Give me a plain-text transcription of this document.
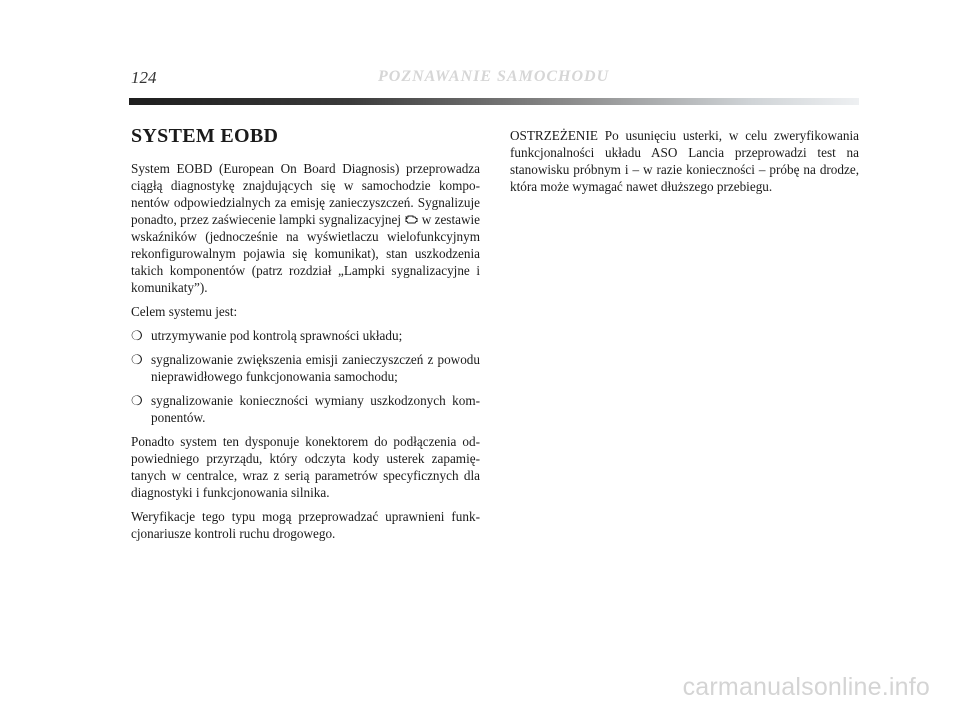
124	POZNAWANIE SAMOCHODU
SYSTEM EOBD

System EOBD (European On Board Diagnosis) przeprowadza ciągłą diagnostykę znajdujących się w samochodzie komponentów odpowiedzialnych za emisję zanieczyszczeń. Sygnalizuje ponadto, przez zaświecenie lampki sygnalizacyjnej w zestawie wskaźników (jednocześnie na wyświetlaczu wielofunkcyjnym rekonfigurowalnym pojawia się komunikat), stan uszkodzenia takich komponentów (patrz rozdział „Lampki sygnalizacyjne i komunikaty”).

Celem systemu jest:

❍ utrzymywanie pod kontrolą sprawności układu;
❍ sygnalizowanie zwiększenia emisji zanieczyszczeń z powodu nieprawidłowego funkcjonowania samochodu;
❍ sygnalizowanie konieczności wymiany uszkodzonych komponentów.

Ponadto system ten dysponuje konektorem do podłączenia odpowiedniego przyrządu, który odczyta kody usterek zapamiętanych w centralce, wraz z serią parametrów specyficznych dla diagnostyki i funkcjonowania silnika.

Weryfikacje tego typu mogą przeprowadzać uprawnieni funkcjonariusze kontroli ruchu drogowego.

OSTRZEŻENIE Po usunięciu usterki, w celu zweryfikowania funkcjonalności układu ASO Lancia przeprowadzi test na stanowisku próbnym i – w razie konieczności – próbę na drodze, która może wymagać nawet dłuższego przebiegu.

carmanualsonline.info
